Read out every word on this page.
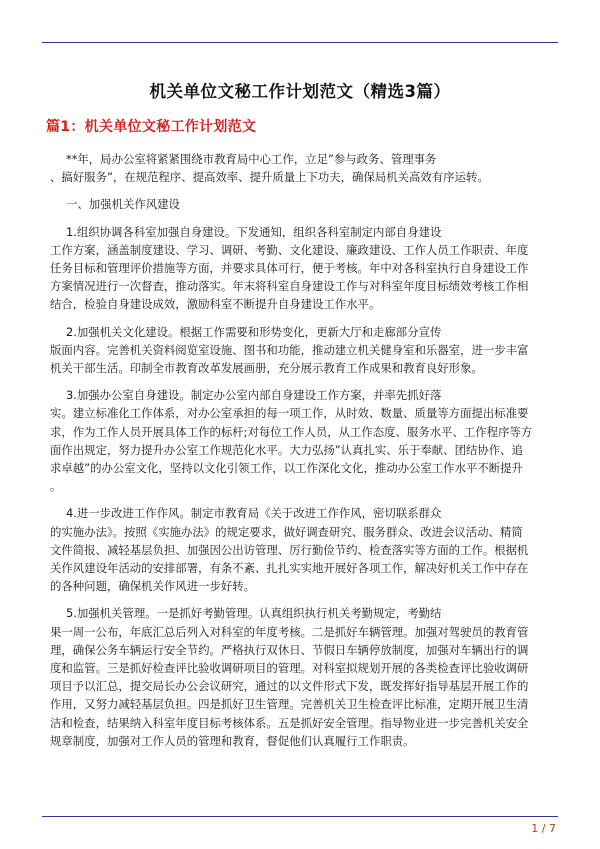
机关单位文秘工作计划范文（精选3篇）
篇1：机关单位文秘工作计划范文

**年，局办公室将紧紧围绕市教育局中心工作，立足”参与政务、管理事务
、搞好服务”，在规范程序、提高效率、提升质量上下功夫，确保局机关高效有序运转。

一、加强机关作风建设

1.组织协调各科室加强自身建设。下发通知，组织各科室制定内部自身建设
工作方案，涵盖制度建设、学习、调研、考勤、文化建设、廉政建设、工作人员工作职责、年度
任务目标和管理评价措施等方面，并要求具体可行，便于考核。年中对各科室执行自身建设工作
方案情况进行一次督查，推动落实。年末将科室自身建设工作与对科室年度目标绩效考核工作相
结合，检验自身建设成效，激励科室不断提升自身建设工作水平。

2.加强机关文化建设。根据工作需要和形势变化，更新大厅和走廊部分宣传
版面内容。完善机关资料阅览室设施、图书和功能，推动建立机关健身室和乐器室，进一步丰富
机关干部生活。印制全市教育改革发展画册，充分展示教育工作成果和教育良好形象。

3.加强办公室自身建设。制定办公室内部自身建设工作方案，并率先抓好落
实。建立标准化工作体系，对办公室承担的每一项工作，从时效、数量、质量等方面提出标准要
求，作为工作人员开展具体工作的标杆;对每位工作人员，从工作态度、服务水平、工作程序等方
面作出规定，努力提升办公室工作规范化水平。大力弘扬”认真扎实、乐于奉献、团结协作、追
求卓越”的办公室文化，坚持以文化引领工作，以工作深化文化，推动办公室工作水平不断提升
。

4.进一步改进工作作风。制定市教育局《关于改进工作作风，密切联系群众
的实施办法》。按照《实施办法》的规定要求，做好调查研究、服务群众、改进会议活动、精简
文件简报、减轻基层负担、加强因公出访管理、厉行勤俭节约、检查落实等方面的工作。根据机
关作风建设年活动的安排部署，有条不紊、扎扎实实地开展好各项工作，解决好机关工作中存在
的各种问题，确保机关作风进一步好转。

5.加强机关管理。一是抓好考勤管理。认真组织执行机关考勤规定，考勤结
果一周一公布，年底汇总后列入对科室的年度考核。二是抓好车辆管理。加强对驾驶员的教育管
理，确保公务车辆运行安全节约。严格执行双休日、节假日车辆停放制度，加强对车辆出行的调
度和监管。三是抓好检查评比验收调研项目的管理。对科室拟规划开展的各类检查评比验收调研
项目予以汇总，提交局长办公会议研究，通过的以文件形式下发，既发挥好指导基层开展工作的
作用，又努力减轻基层负担。四是抓好卫生管理。完善机关卫生检查评比标准，定期开展卫生清
洁和检查，结果纳入科室年度目标考核体系。五是抓好安全管理。指导物业进一步完善机关安全
规章制度，加强对工作人员的管理和教育，督促他们认真履行工作职责。

1 / 7
